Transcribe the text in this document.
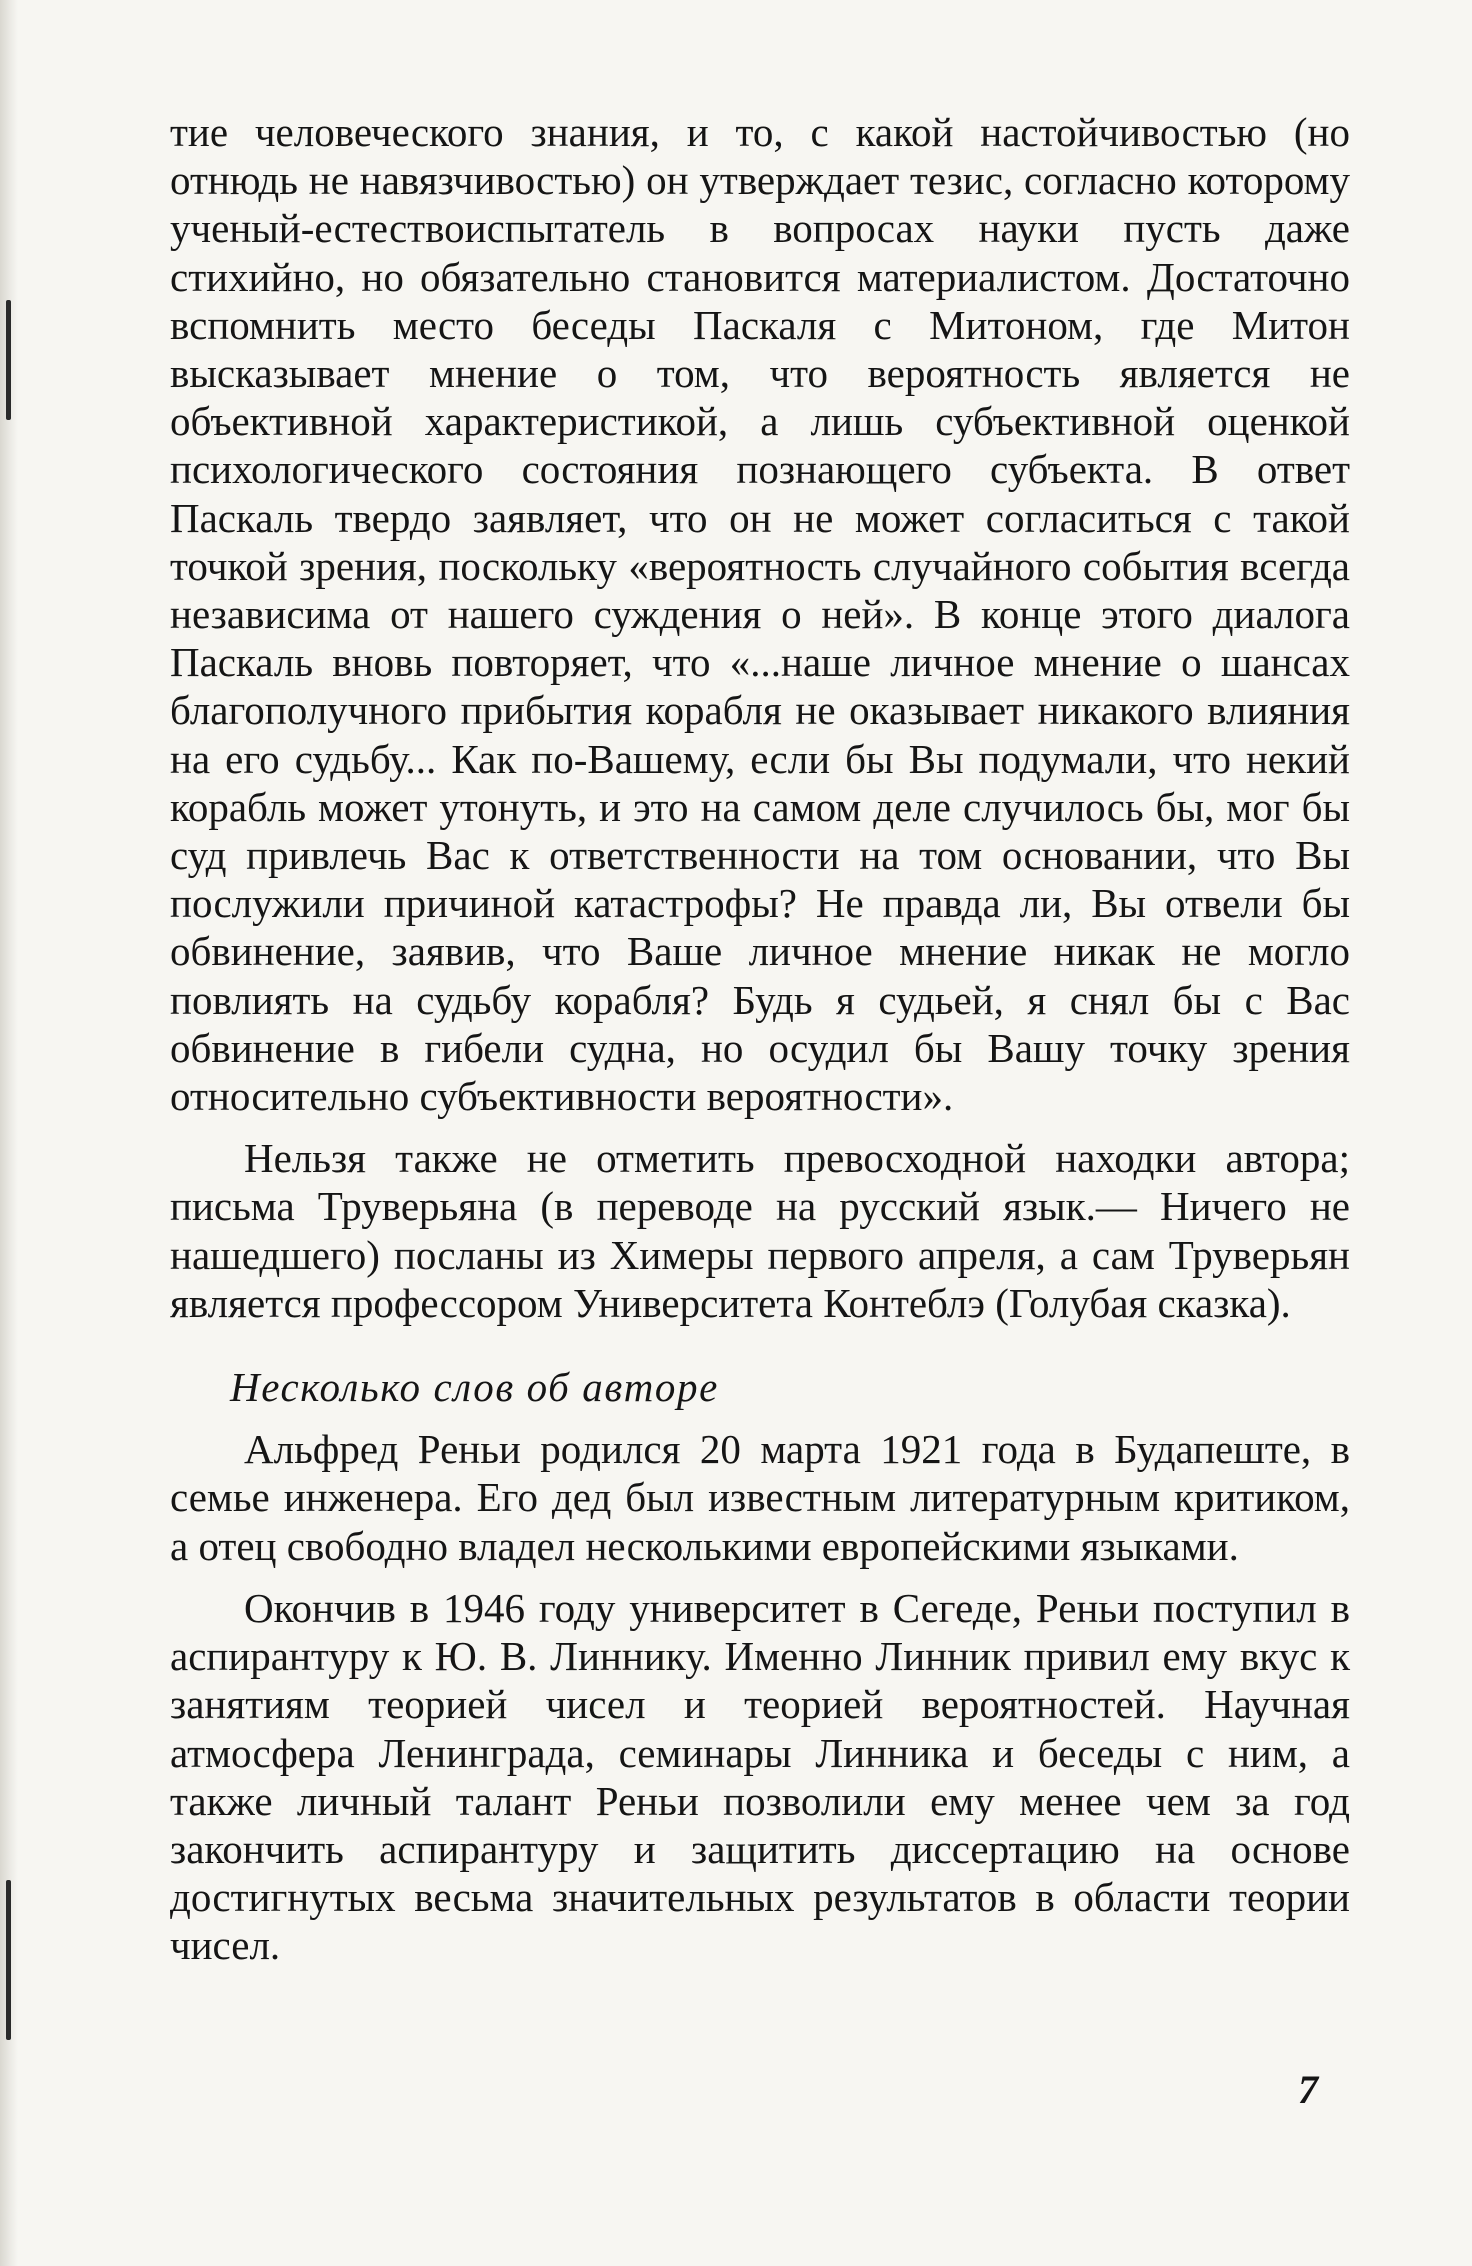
тие человеческого знания, и то, с какой настойчивостью (но отнюдь не навязчивостью) он утверждает тезис, согласно которому ученый-естествоиспытатель в вопросах науки пусть даже стихийно, но обязательно становится материалистом. Достаточно вспомнить место беседы Паскаля с Митоном, где Митон высказывает мнение о том, что вероятность является не объективной характеристикой, а лишь субъективной оценкой психологического состояния познающего субъекта. В ответ Паскаль твердо заявляет, что он не может согласиться с такой точкой зрения, поскольку «вероятность случайного события всегда независима от нашего суждения о ней». В конце этого диалога Паскаль вновь повторяет, что «...наше личное мнение о шансах благополучного прибытия корабля не оказывает никакого влияния на его судьбу... Как по-Вашему, если бы Вы подумали, что некий корабль может утонуть, и это на самом деле случилось бы, мог бы суд привлечь Вас к ответственности на том основании, что Вы послужили причиной катастрофы? Не правда ли, Вы отвели бы обвинение, заявив, что Ваше личное мнение никак не могло повлиять на судьбу корабля? Будь я судьей, я снял бы с Вас обвинение в гибели судна, но осудил бы Вашу точку зрения относительно субъективности вероятности».

Нельзя также не отметить превосходной находки автора; письма Труверьяна (в переводе на русский язык.— Ничего не нашедшего) посланы из Химеры первого апреля, а сам Труверьян является профессором Университета Контеблэ (Голубая сказка).

Несколько слов об авторе

Альфред Реньи родился 20 марта 1921 года в Будапеште, в семье инженера. Его дед был известным литературным критиком, а отец свободно владел несколькими европейскими языками.

Окончив в 1946 году университет в Сегеде, Реньи поступил в аспирантуру к Ю. В. Линнику. Именно Линник привил ему вкус к занятиям теорией чисел и теорией вероятностей. Научная атмосфера Ленинграда, семинары Линника и беседы с ним, а также личный талант Реньи позволили ему менее чем за год закончить аспирантуру и защитить диссертацию на основе достигнутых весьма значительных результатов в области теории чисел.

7
